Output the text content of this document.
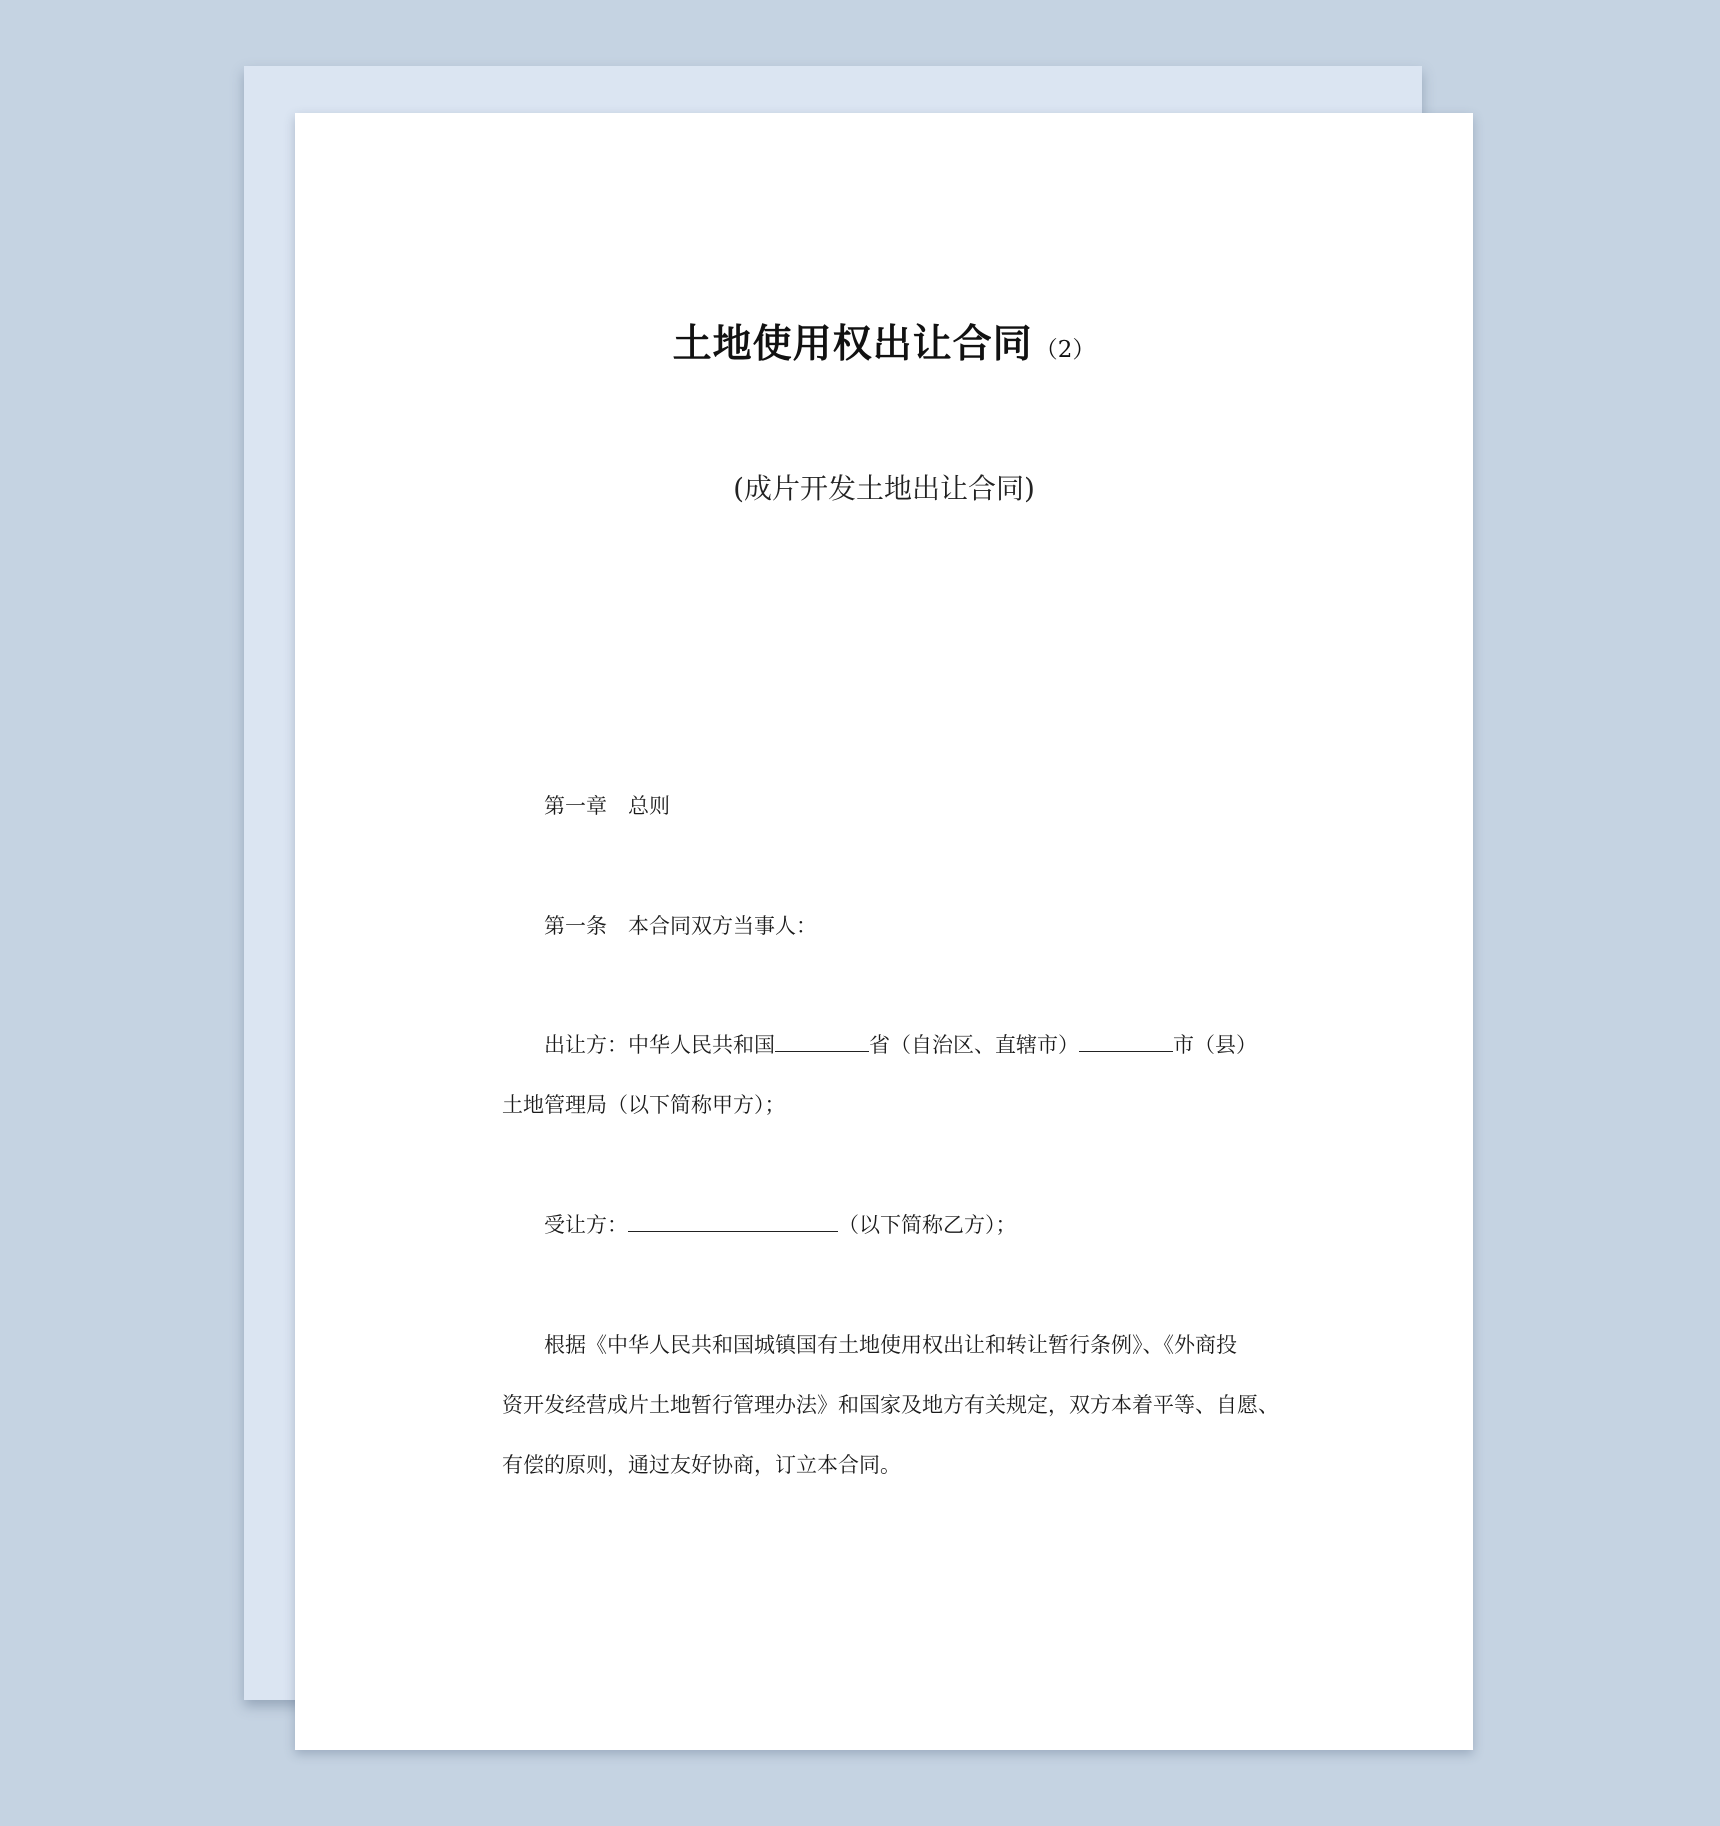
土地使用权出让合同（2）
(成片开发土地出让合同)

第一章　总则

第一条　本合同双方当事人：

出让方：中华人民共和国	省（自治区、直辖市）	市（县）

土地管理局（以下简称甲方）；

受让方：	（以下简称乙方）；

根据《中华人民共和国城镇国有土地使用权出让和转让暂行条例》、《外商投

资开发经营成片土地暂行管理办法》和国家及地方有关规定，双方本着平等、自愿、

有偿的原则，通过友好协商，订立本合同。
